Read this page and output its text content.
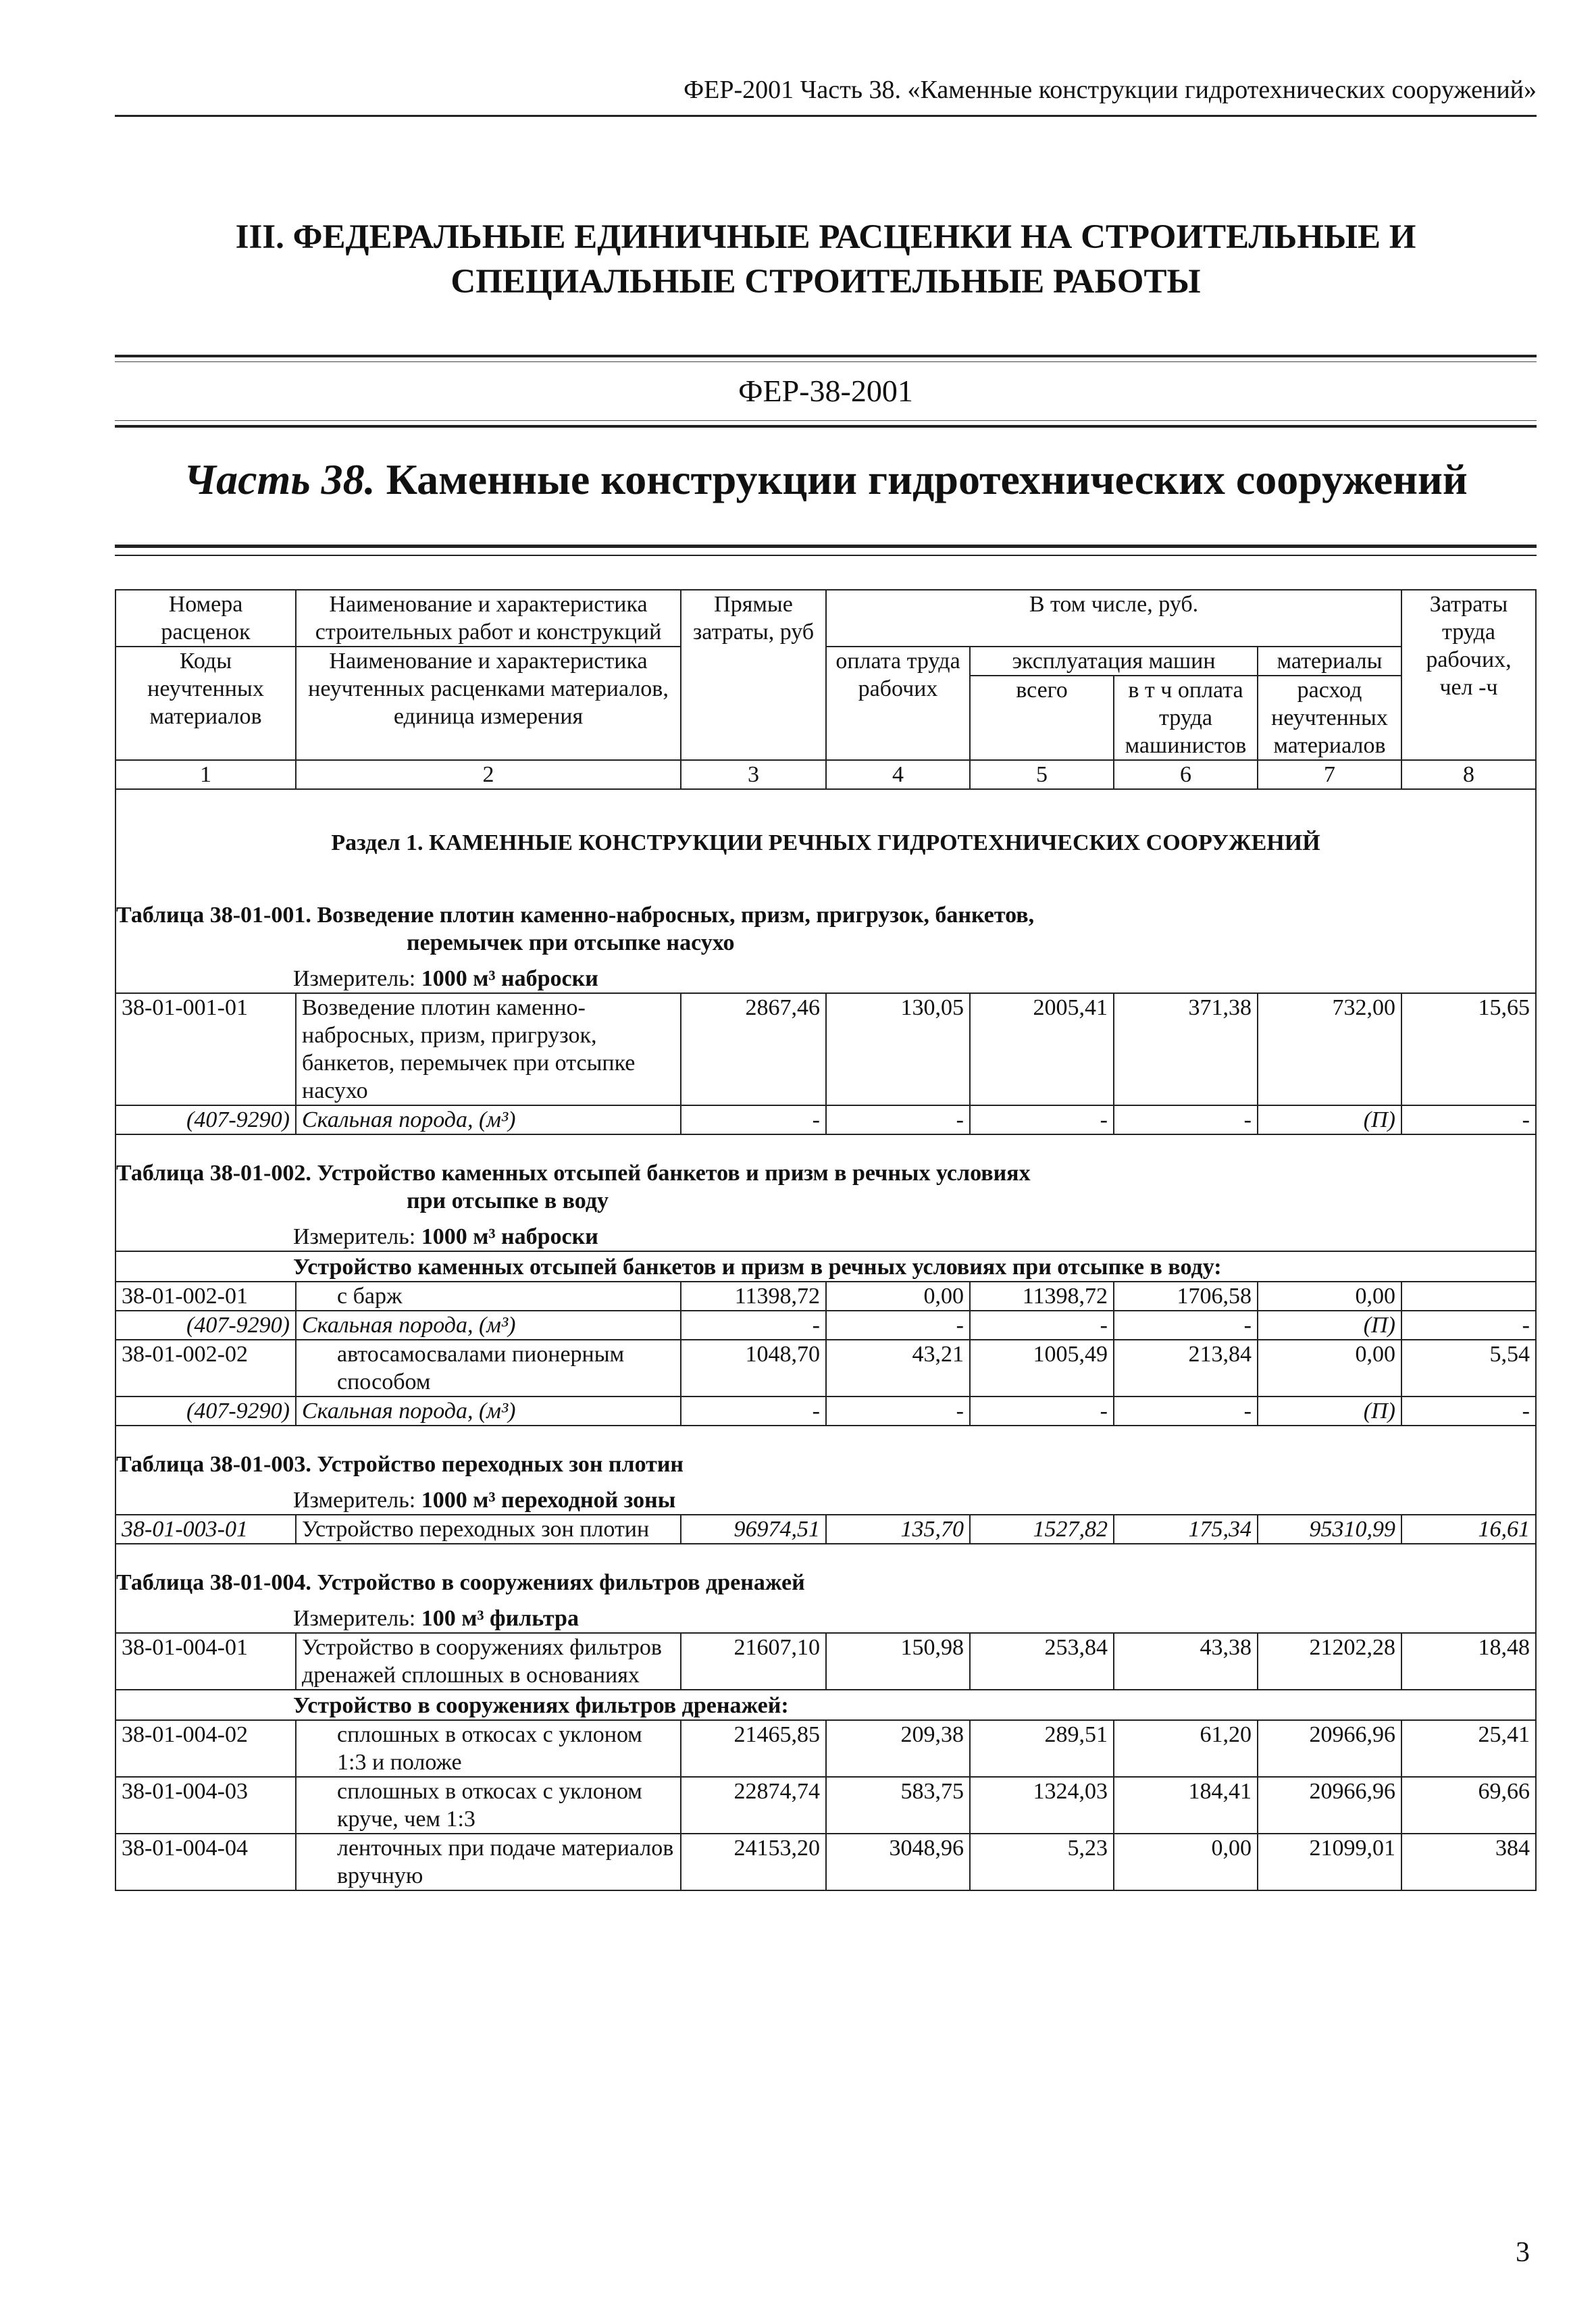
ФЕР-2001 Часть 38. «Каменные конструкции гидротехнических сооружений»
III. ФЕДЕРАЛЬНЫЕ ЕДИНИЧНЫЕ РАСЦЕНКИ НА СТРОИТЕЛЬНЫЕ И
СПЕЦИАЛЬНЫЕ СТРОИТЕЛЬНЫЕ РАБОТЫ
ФЕР-38-2001
Часть 38. Каменные конструкции гидротехнических сооружений
Номера расценок	Наименование и характеристика строительных работ и конструкций	Прямые затраты, руб	В том числе, руб.				Затраты труда рабочих, чел -ч
Коды неучтенных материалов	Наименование и характеристика неучтенных расценками материалов, единица измерения		оплата труда рабочих	эксплуатация машин		материалы	
				всего	в т ч оплата труда машинистов	расход неучтенных материалов	

1	2	3	4	5	6	7	8
Раздел 1. КАМЕННЫЕ КОНСТРУКЦИИ РЕЧНЫХ ГИДРОТЕХНИЧЕСКИХ СООРУЖЕНИЙ							
Таблица 38-01-001. Возведение плотин каменно-набросных, призм, пригрузок, банкетов,
перемычек при отсыпке насухо							

Измеритель: 1000 м³ наброски							
38-01-001-01	Возведение плотин каменно-набросных, призм, пригрузок, банкетов, перемычек при отсыпке насухо	2867,46	130,05	2005,41	371,38	732,00	15,65
(407-9290)	Скальная порода, (м³)	-	-	-	-	(П)	-
Таблица 38-01-002. Устройство каменных отсыпей банкетов и призм в речных условиях
при отсыпке в воду							

Измеритель: 1000 м³ наброски							
Устройство каменных отсыпей банкетов и призм в речных условиях при отсыпке в воду:							
38-01-002-01	с барж	11398,72	0,00	11398,72	1706,58	0,00	
(407-9290)	Скальная порода, (м³)	-	-	-	-	(П)	-
38-01-002-02	автосамосвалами пионерным способом	1048,70	43,21	1005,49	213,84	0,00	5,54
(407-9290)	Скальная порода, (м³)	-	-	-	-	(П)	-
Таблица 38-01-003. Устройство переходных зон плотин							
Измеритель: 1000 м³ переходной зоны							
38-01-003-01	Устройство переходных зон плотин	96974,51	135,70	1527,82	175,34	95310,99	16,61
Таблица 38-01-004. Устройство в сооружениях фильтров дренажей							
Измеритель: 100 м³ фильтра							
38-01-004-01	Устройство в сооружениях фильтров дренажей сплошных в основаниях	21607,10	150,98	253,84	43,38	21202,28	18,48
Устройство в сооружениях фильтров дренажей:							
38-01-004-02	сплошных в откосах с уклоном 1:3 и положе	21465,85	209,38	289,51	61,20	20966,96	25,41
38-01-004-03	сплошных в откосах с уклоном круче, чем 1:3	22874,74	583,75	1324,03	184,41	20966,96	69,66
38-01-004-04	ленточных при подаче материалов вручную	24153,20	3048,96	5,23	0,00	21099,01	384
3
